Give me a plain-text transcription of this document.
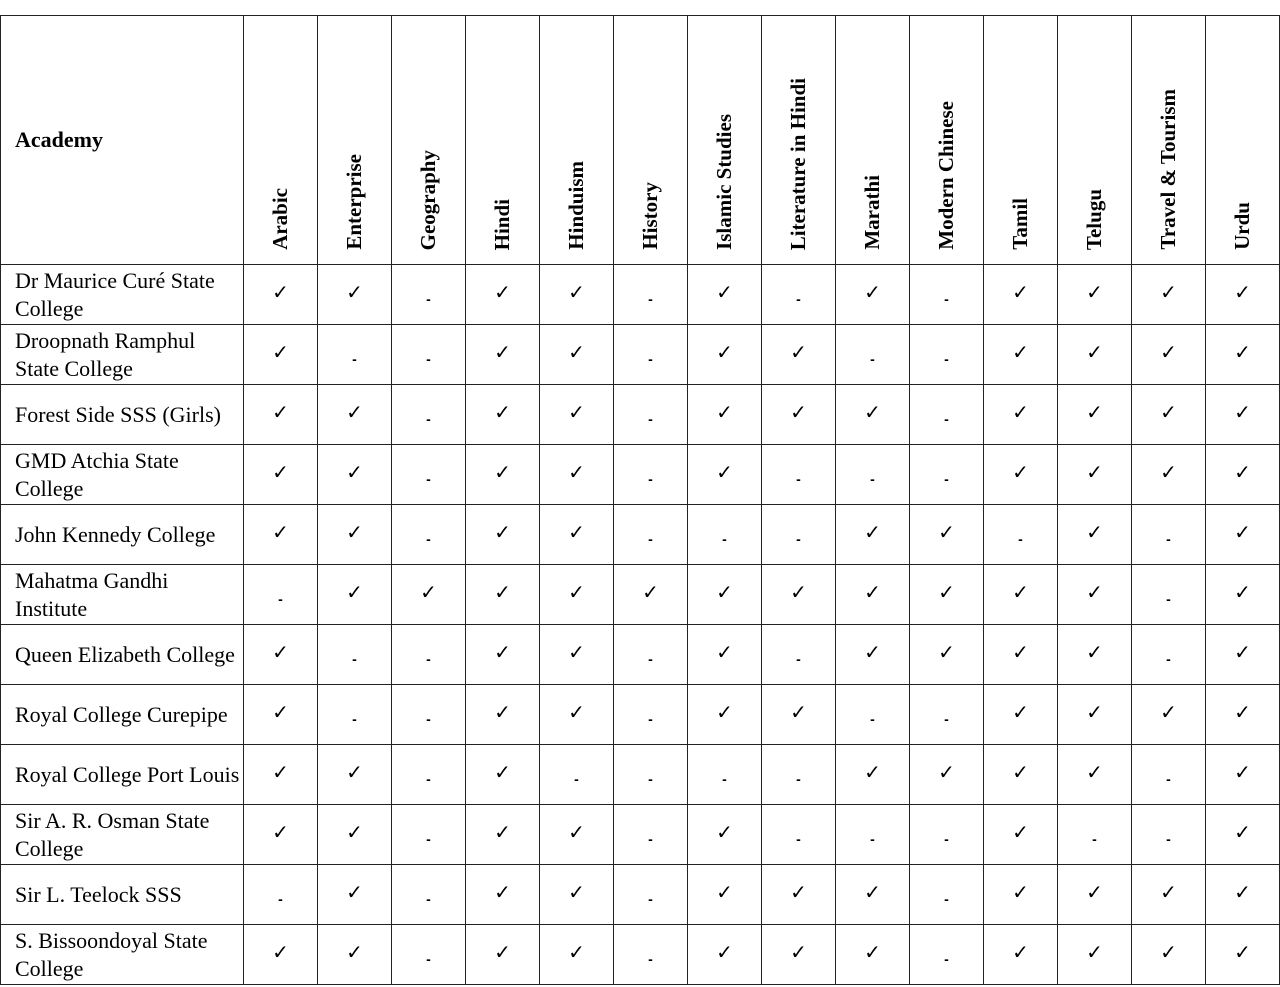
Academy	Arabic	Enterprise	Geography	Hindi	Hinduism	History	Islamic Studies	Literature in Hindi	Marathi	Modern Chinese	Tamil	Telugu	Travel & Tourism	Urdu

Dr Maurice Curé State College	✓	✓	-	✓	✓	-	✓	-	✓	-	✓	✓	✓	✓
Droopnath Ramphul State College	✓	-	-	✓	✓	-	✓	✓	-	-	✓	✓	✓	✓
Forest Side SSS (Girls)	✓	✓	-	✓	✓	-	✓	✓	✓	-	✓	✓	✓	✓
GMD Atchia State College	✓	✓	-	✓	✓	-	✓	-	-	-	✓	✓	✓	✓
John Kennedy College	✓	✓	-	✓	✓	-	-	-	✓	✓	-	✓	-	✓
Mahatma Gandhi Institute	-	✓	✓	✓	✓	✓	✓	✓	✓	✓	✓	✓	-	✓
Queen Elizabeth College	✓	-	-	✓	✓	-	✓	-	✓	✓	✓	✓	-	✓
Royal College Curepipe	✓	-	-	✓	✓	-	✓	✓	-	-	✓	✓	✓	✓
Royal College Port Louis	✓	✓	-	✓	-	-	-	-	✓	✓	✓	✓	-	✓
Sir A. R. Osman State College	✓	✓	-	✓	✓	-	✓	-	-	-	✓	-	-	✓
Sir L. Teelock SSS	-	✓	-	✓	✓	-	✓	✓	✓	-	✓	✓	✓	✓
S. Bissoondoyal State College	✓	✓	-	✓	✓	-	✓	✓	✓	-	✓	✓	✓	✓
